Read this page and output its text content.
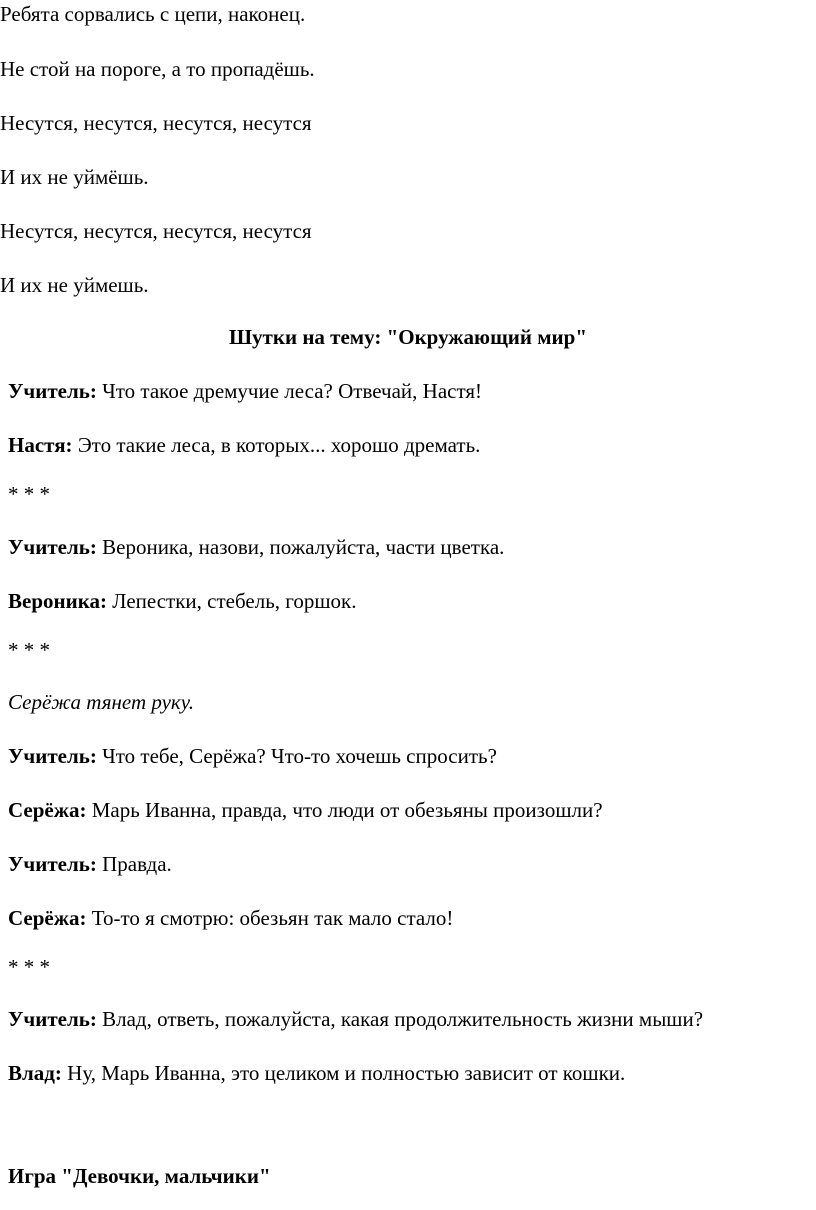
Ребята сорвались с цепи, наконец.
Не стой на пороге, а то пропадёшь.
Несутся, несутся, несутся, несутся
И их не уймёшь.
Несутся, несутся, несутся, несутся
И их не уймешь.
Шутки на тему: "Окружающий мир"
Учитель: Что такое дремучие леса? Отвечай, Настя!
Настя: Это такие леса, в которых... хорошо дремать.
* * *
Учитель: Вероника, назови, пожалуйста, части цветка.
Вероника: Лепестки, стебель, горшок.
* * *
Серёжа тянет руку.
Учитель: Что тебе, Серёжа? Что-то хочешь спросить?
Серёжа: Марь Иванна, правда, что люди от обезьяны произошли?
Учитель: Правда.
Серёжа: То-то я смотрю: обезьян так мало стало!
* * *
Учитель: Влад, ответь, пожалуйста, какая продолжительность жизни мыши?
Влад: Ну, Марь Иванна, это целиком и полностью зависит от кошки.
Игра "Девочки, мальчики"
